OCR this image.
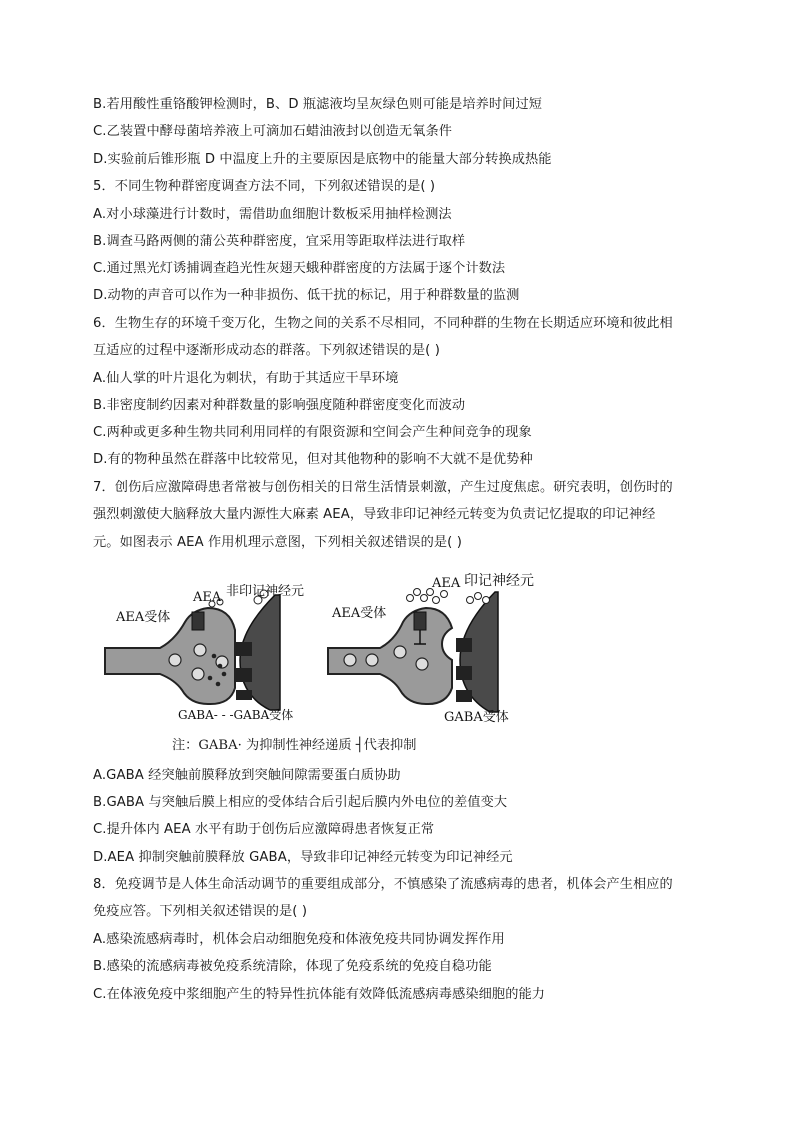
B.若用酸性重铬酸钾检测时，B、D 瓶滤液均呈灰绿色则可能是培养时间过短
C.乙装置中酵母菌培养液上可滴加石蜡油液封以创造无氧条件
D.实验前后锥形瓶 D 中温度上升的主要原因是底物中的能量大部分转换成热能
5．不同生物种群密度调查方法不同，下列叙述错误的是( )
A.对小球藻进行计数时，需借助血细胞计数板采用抽样检测法
B.调查马路两侧的蒲公英种群密度，宜采用等距取样法进行取样
C.通过黑光灯诱捕调查趋光性灰翅天蛾种群密度的方法属于逐个计数法
D.动物的声音可以作为一种非损伤、低干扰的标记，用于种群数量的监测
6．生物生存的环境千变万化，生物之间的关系不尽相同，不同种群的生物在长期适应环境和彼此相
互适应的过程中逐渐形成动态的群落。下列叙述错误的是( )
A.仙人掌的叶片退化为刺状，有助于其适应干旱环境
B.非密度制约因素对种群数量的影响强度随种群密度变化而波动
C.两种或更多种生物共同利用同样的有限资源和空间会产生种间竞争的现象
D.有的物种虽然在群落中比较常见，但对其他物种的影响不大就不是优势种
7．创伤后应激障碍患者常被与创伤相关的日常生活情景刺激，产生过度焦虑。研究表明，创伤时的
强烈刺激使大脑释放大量内源性大麻素 AEA，导致非印记神经元转变为负责记忆提取的印记神经
元。如图表示 AEA 作用机理示意图，下列相关叙述错误的是( )
AEA受体
AEA 非印记神经元
GABA- - -GABA受体
AEA受体
AEA 印记神经元
GABA受体
注：GABA· 为抑制性神经递质 ┤代表抑制
A.GABA 经突触前膜释放到突触间隙需要蛋白质协助
B.GABA 与突触后膜上相应的受体结合后引起后膜内外电位的差值变大
C.提升体内 AEA 水平有助于创伤后应激障碍患者恢复正常
D.AEA 抑制突触前膜释放 GABA，导致非印记神经元转变为印记神经元
8．免疫调节是人体生命活动调节的重要组成部分，不慎感染了流感病毒的患者，机体会产生相应的
免疫应答。下列相关叙述错误的是( )
A.感染流感病毒时，机体会启动细胞免疫和体液免疫共同协调发挥作用
B.感染的流感病毒被免疫系统清除，体现了免疫系统的免疫自稳功能
C.在体液免疫中浆细胞产生的特异性抗体能有效降低流感病毒感染细胞的能力
